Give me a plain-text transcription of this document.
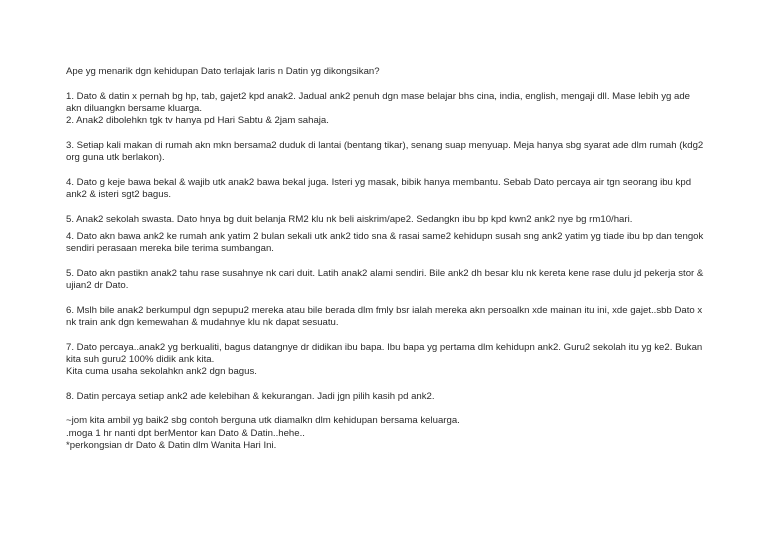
Ape yg menarik dgn kehidupan Dato terlajak laris n Datin yg dikongsikan?

1. Dato & datin x pernah bg hp, tab, gajet2 kpd anak2. Jadual ank2 penuh dgn mase belajar bhs cina, india, english, mengaji dll. Mase lebih yg ade akn diluangkn bersame kluarga.

2. Anak2 dibolehkn tgk tv hanya pd Hari Sabtu & 2jam sahaja.

3. Setiap kali makan di rumah akn mkn bersama2 duduk di lantai (bentang tikar), senang suap menyuap. Meja hanya sbg syarat ade dlm rumah (kdg2 org guna utk berlakon).

4. Dato g keje bawa bekal & wajib utk anak2 bawa bekal juga. Isteri yg masak, bibik hanya membantu. Sebab Dato percaya air tgn seorang ibu kpd ank2 & isteri sgt2 bagus.

5. Anak2 sekolah swasta. Dato hnya bg duit belanja RM2 klu nk beli aiskrim/ape2. Sedangkn ibu bp kpd kwn2 ank2 nye bg rm10/hari.

4. Dato akn bawa ank2 ke rumah ank yatim 2 bulan sekali utk ank2 tido sna & rasai same2 kehidupn susah sng ank2 yatim yg tiade ibu bp dan tengok sendiri perasaan mereka bile terima sumbangan.

5. Dato akn pastikn anak2 tahu rase susahnye nk cari duit. Latih anak2 alami sendiri. Bile ank2 dh besar klu nk kereta kene rase dulu jd pekerja stor & ujian2 dr Dato.

6. Mslh bile anak2 berkumpul dgn sepupu2 mereka atau bile berada dlm fmly bsr ialah mereka akn persoalkn xde mainan itu ini, xde gajet..sbb Dato x nk train ank dgn kemewahan & mudahnye klu nk dapat sesuatu.

7. Dato percaya..anak2 yg berkualiti, bagus datangnye dr didikan ibu bapa. Ibu bapa yg pertama dlm kehidupn ank2. Guru2 sekolah itu yg ke2. Bukan kita suh guru2 100% didik ank kita.

Kita cuma usaha sekolahkn ank2 dgn bagus.

8. Datin percaya setiap ank2 ade kelebihan & kekurangan. Jadi jgn pilih kasih pd ank2.

~jom kita ambil yg baik2 sbg contoh berguna utk diamalkn dlm kehidupan bersama keluarga.

.moga 1 hr nanti dpt berMentor kan Dato & Datin..hehe..

*perkongsian dr Dato & Datin dlm Wanita Hari Ini.
